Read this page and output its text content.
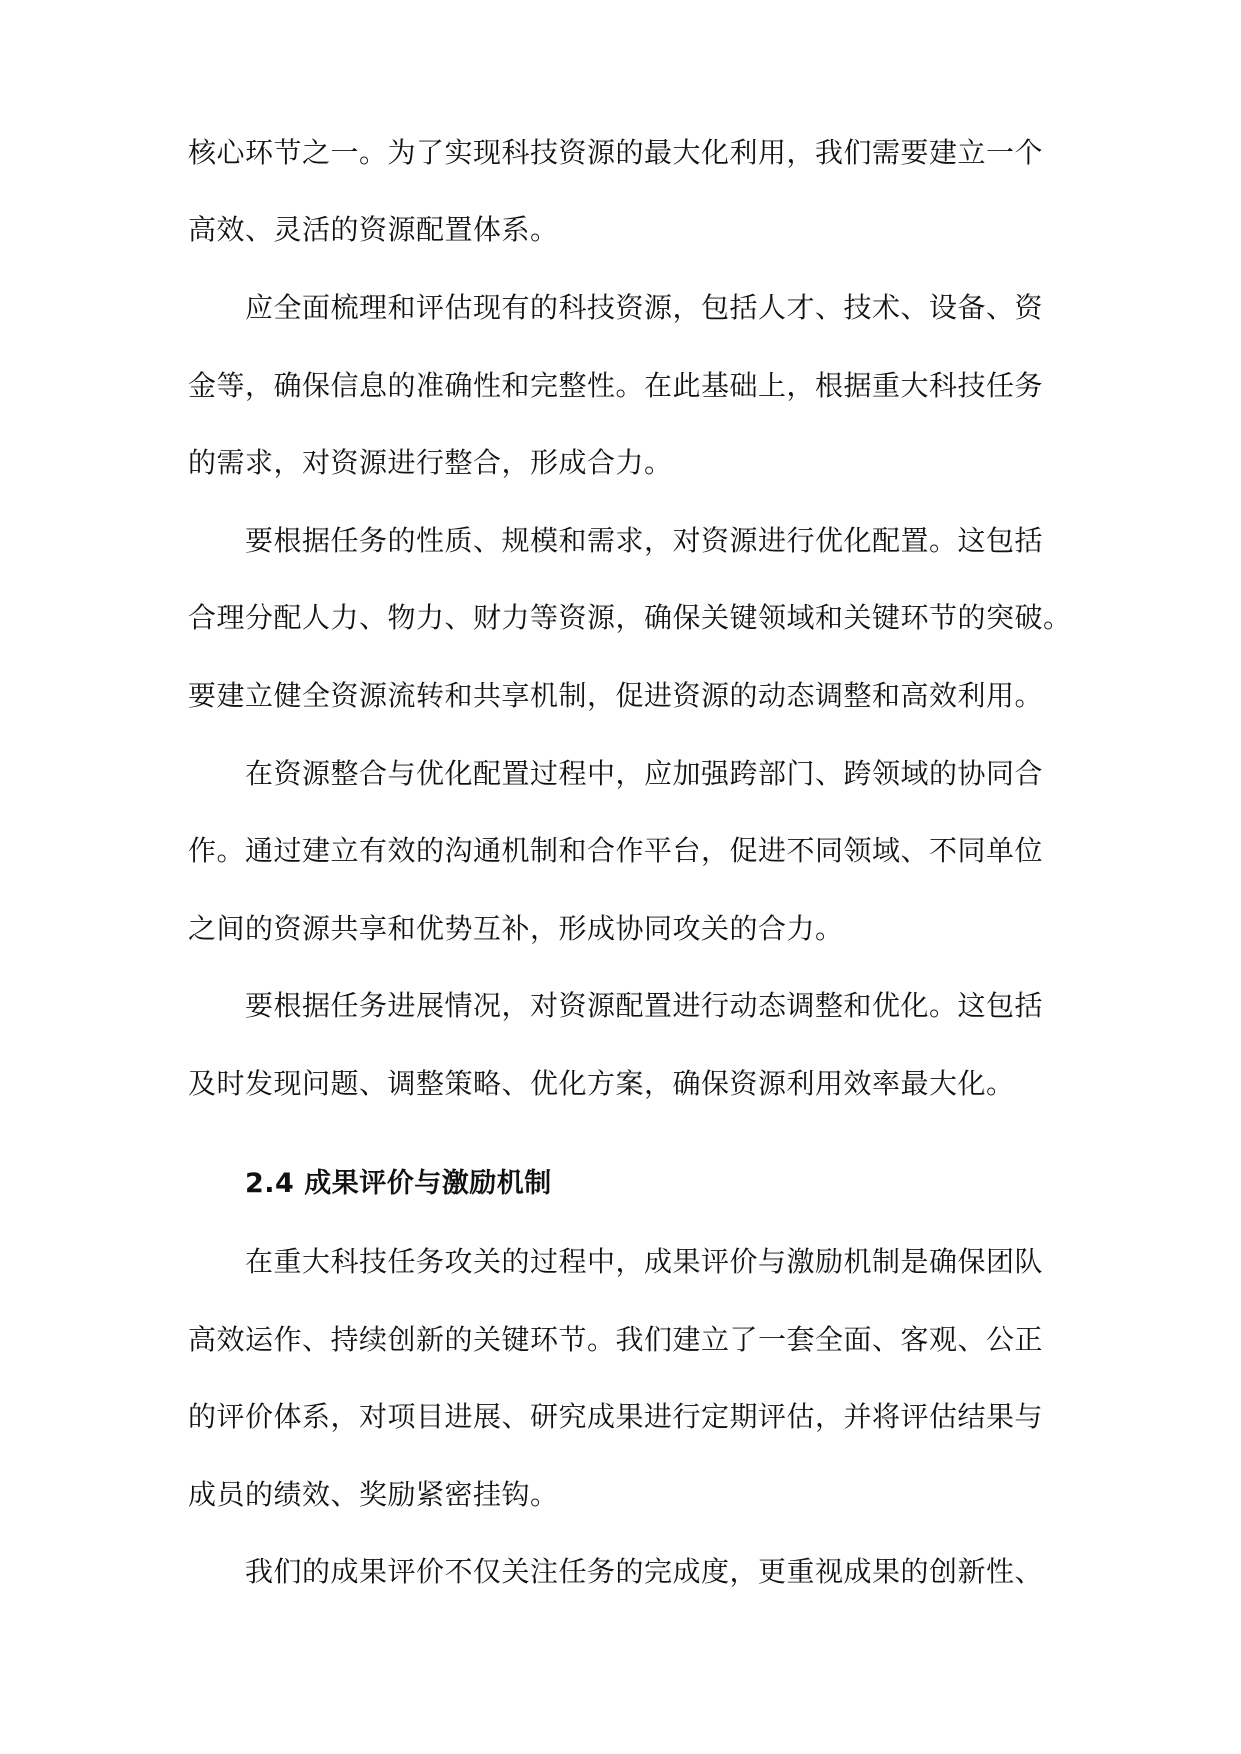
核心环节之一。为了实现科技资源的最大化利用，我们需要建立一个
高效、灵活的资源配置体系。
应全面梳理和评估现有的科技资源，包括人才、技术、设备、资
金等，确保信息的准确性和完整性。在此基础上，根据重大科技任务
的需求，对资源进行整合，形成合力。
要根据任务的性质、规模和需求，对资源进行优化配置。这包括
合理分配人力、物力、财力等资源，确保关键领域和关键环节的突破。
要建立健全资源流转和共享机制，促进资源的动态调整和高效利用。
在资源整合与优化配置过程中，应加强跨部门、跨领域的协同合
作。通过建立有效的沟通机制和合作平台，促进不同领域、不同单位
之间的资源共享和优势互补，形成协同攻关的合力。
要根据任务进展情况，对资源配置进行动态调整和优化。这包括
及时发现问题、调整策略、优化方案，确保资源利用效率最大化。
2.4 成果评价与激励机制
在重大科技任务攻关的过程中，成果评价与激励机制是确保团队
高效运作、持续创新的关键环节。我们建立了一套全面、客观、公正
的评价体系，对项目进展、研究成果进行定期评估，并将评估结果与
成员的绩效、奖励紧密挂钩。
我们的成果评价不仅关注任务的完成度，更重视成果的创新性、
